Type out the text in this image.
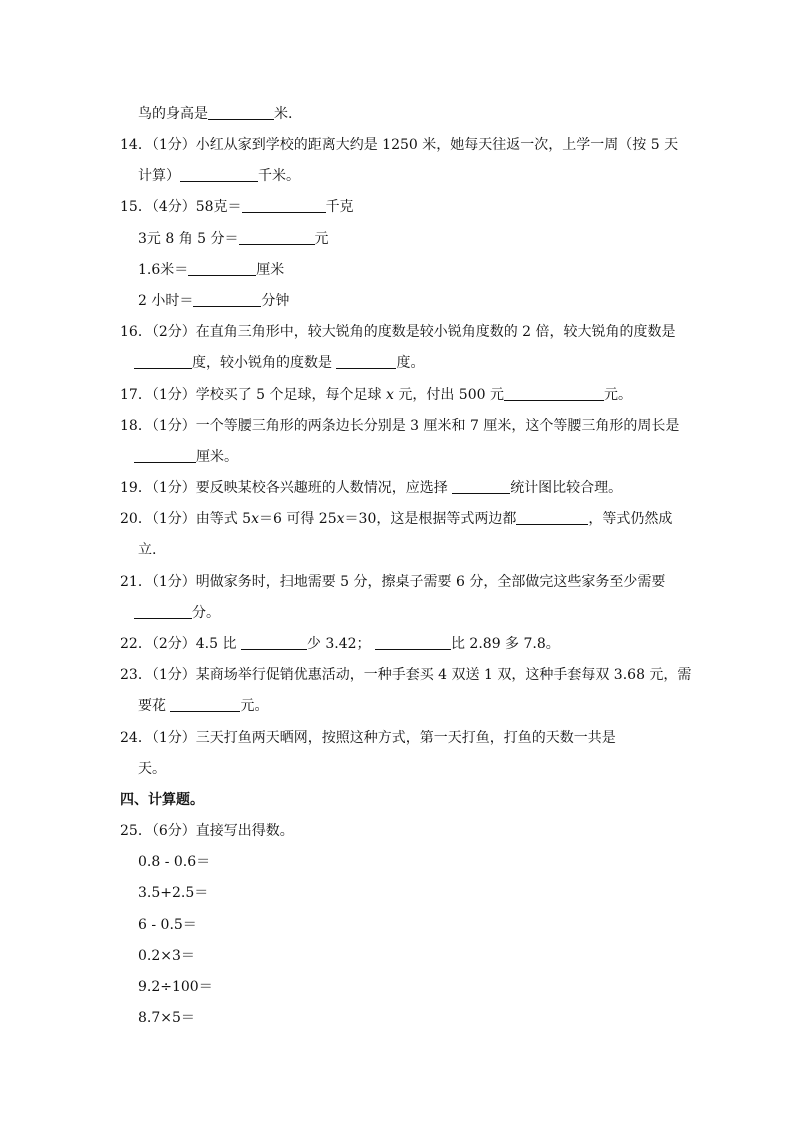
鸟的身高是	米.
14．（1分）小红从家到学校的距离大约是 1250 米，她每天往返一次，上学一周（按 5 天
计算）	千米。
15．（4分）58克＝	千克
3元 8 角 5 分＝	元
1.6米＝	厘米
2 小时＝	分钟
16．（2分）在直角三角形中，较大锐角的度数是较小锐角度数的 2 倍，较大锐角的度数是
度，较小锐角的度数是	度。
17．（1分）学校买了 5 个足球，每个足球 x 元，付出 500 元	元。
18．（1分）一个等腰三角形的两条边长分别是 3 厘米和 7 厘米，这个等腰三角形的周长是
厘米。
19．（1分）要反映某校各兴趣班的人数情况，应选择	统计图比较合理。
20．（1分）由等式 5x＝6 可得 25x＝30，这是根据等式两边都	，等式仍然成
立.
21．（1分）明做家务时，扫地需要 5 分，擦桌子需要 6 分，全部做完这些家务至少需要
分。
22．（2分）4.5 比	少 3.42；	比 2.89 多 7.8。
23．（1分）某商场举行促销优惠活动，一种手套买 4 双送 1 双，这种手套每双 3.68 元，需
要花	元。
24．（1分）三天打鱼两天晒网，按照这种方式，第一天打鱼，打鱼的天数一共是
天。
四、计算题。
25．（6分）直接写出得数。
0.8 - 0.6＝
3.5+2.5＝
6 - 0.5＝
0.2×3＝
9.2÷100＝
8.7×5＝
